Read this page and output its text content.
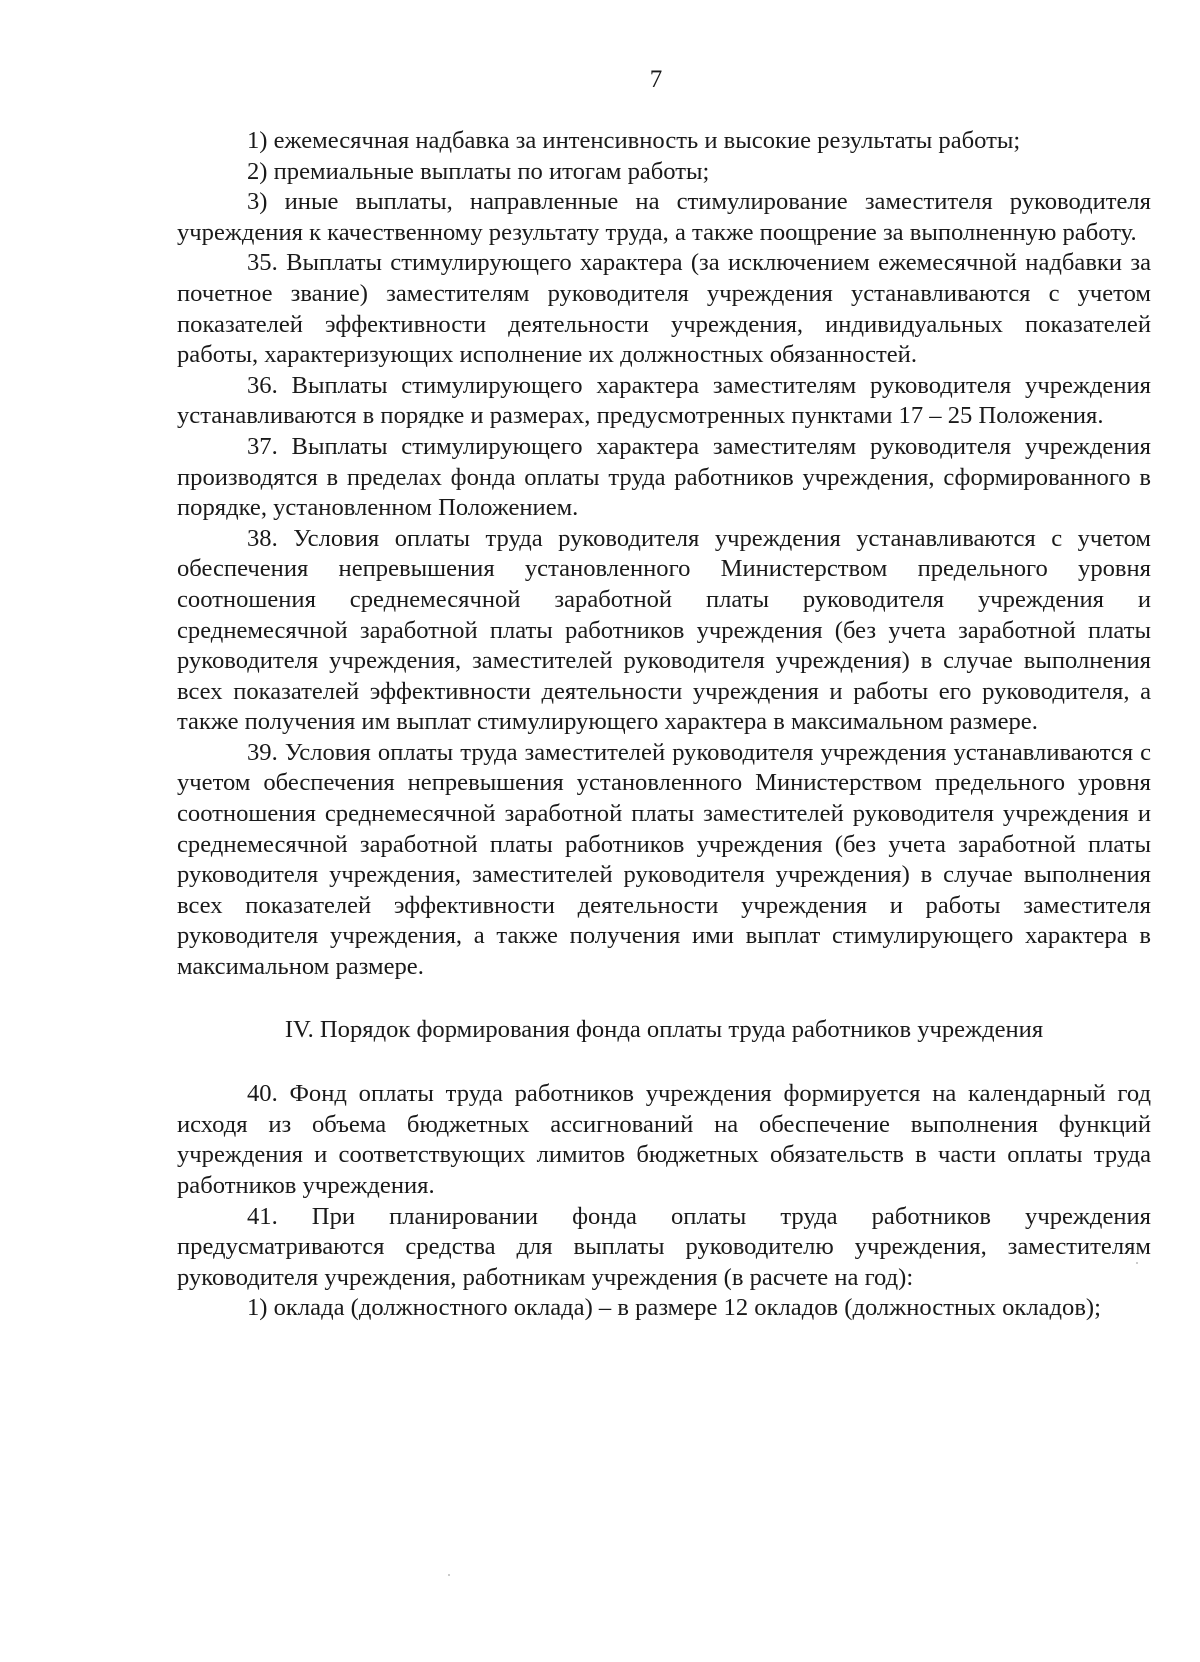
7

1) ежемесячная надбавка за интенсивность и высокие результаты работы;

2) премиальные выплаты по итогам работы;

3) иные выплаты, направленные на стимулирование заместителя руководителя учреждения к качественному результату труда, а также поощрение за выполненную работу.

35. Выплаты стимулирующего характера (за исключением ежемесячной надбавки за почетное звание) заместителям руководителя учреждения устанавливаются с учетом показателей эффективности деятельности учреждения, индивидуальных показателей работы, характеризующих исполнение их должностных обязанностей.

36. Выплаты стимулирующего характера заместителям руководителя учреждения устанавливаются в порядке и размерах, предусмотренных пунктами 17 – 25 Положения.

37. Выплаты стимулирующего характера заместителям руководителя учреждения производятся в пределах фонда оплаты труда работников учреждения, сформированного в порядке, установленном Положением.

38. Условия оплаты труда руководителя учреждения устанавливаются с учетом обеспечения непревышения установленного Министерством предельного уровня соотношения среднемесячной заработной платы руководителя учреждения и среднемесячной заработной платы работников учреждения (без учета заработной платы руководителя учреждения, заместителей руководителя учреждения) в случае выполнения всех показателей эффективности деятельности учреждения и работы его руководителя, а также получения им выплат стимулирующего характера в максимальном размере.

39. Условия оплаты труда заместителей руководителя учреждения устанавливаются с учетом обеспечения непревышения установленного Министерством предельного уровня соотношения среднемесячной заработной платы заместителей руководителя учреждения и среднемесячной заработной платы работников учреждения (без учета заработной платы руководителя учреждения, заместителей руководителя учреждения) в случае выполнения всех показателей эффективности деятельности учреждения и работы заместителя руководителя учреждения, а также получения ими выплат стимулирующего характера в максимальном размере.

IV. Порядок формирования фонда оплаты труда работников учреждения

40. Фонд оплаты труда работников учреждения формируется на календарный год исходя из объема бюджетных ассигнований на обеспечение выполнения функций учреждения и соответствующих лимитов бюджетных обязательств в части оплаты труда работников учреждения.

41. При планировании фонда оплаты труда работников учреждения предусматриваются средства для выплаты руководителю учреждения, заместителям руководителя учреждения, работникам учреждения (в расчете на год):

1) оклада (должностного оклада) – в размере 12 окладов (должностных окладов);
